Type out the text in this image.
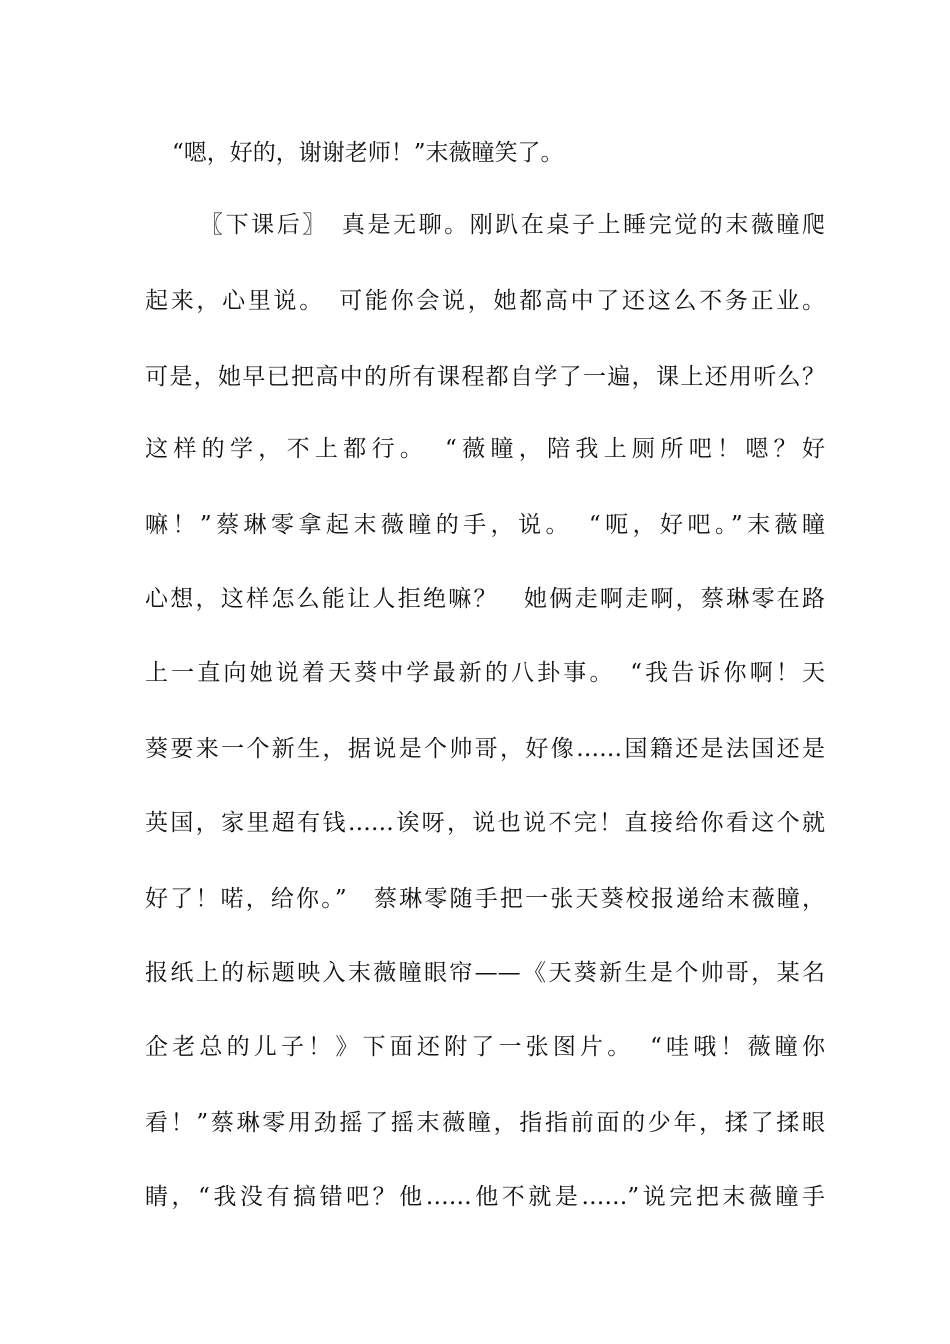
“嗯，好的，谢谢老师！”末薇瞳笑了。
〖下课后〗　真是无聊。刚趴在桌子上睡完觉的末薇瞳爬
起来，心里说。　可能你会说，她都高中了还这么不务正业。
可是，她早已把高中的所有课程都自学了一遍，课上还用听么？
这样的学，不上都行。　“薇瞳，陪我上厕所吧！嗯？好
嘛！”蔡琳零拿起末薇瞳的手，说。　“呃，好吧。”末薇瞳
心想，这样怎么能让人拒绝嘛？　她俩走啊走啊，蔡琳零在路
上一直向她说着天葵中学最新的八卦事。　“我告诉你啊！天
葵要来一个新生，据说是个帅哥，好像……国籍还是法国还是
英国，家里超有钱……诶呀，说也说不完！直接给你看这个就
好了！喏，给你。”　蔡琳零随手把一张天葵校报递给末薇瞳，
报纸上的标题映入末薇瞳眼帘——《天葵新生是个帅哥，某名
企老总的儿子！》下面还附了一张图片。　“哇哦！薇瞳你
看！”蔡琳零用劲摇了摇末薇瞳，指指前面的少年，揉了揉眼
睛，“我没有搞错吧？他……他不就是……”说完把末薇瞳手
